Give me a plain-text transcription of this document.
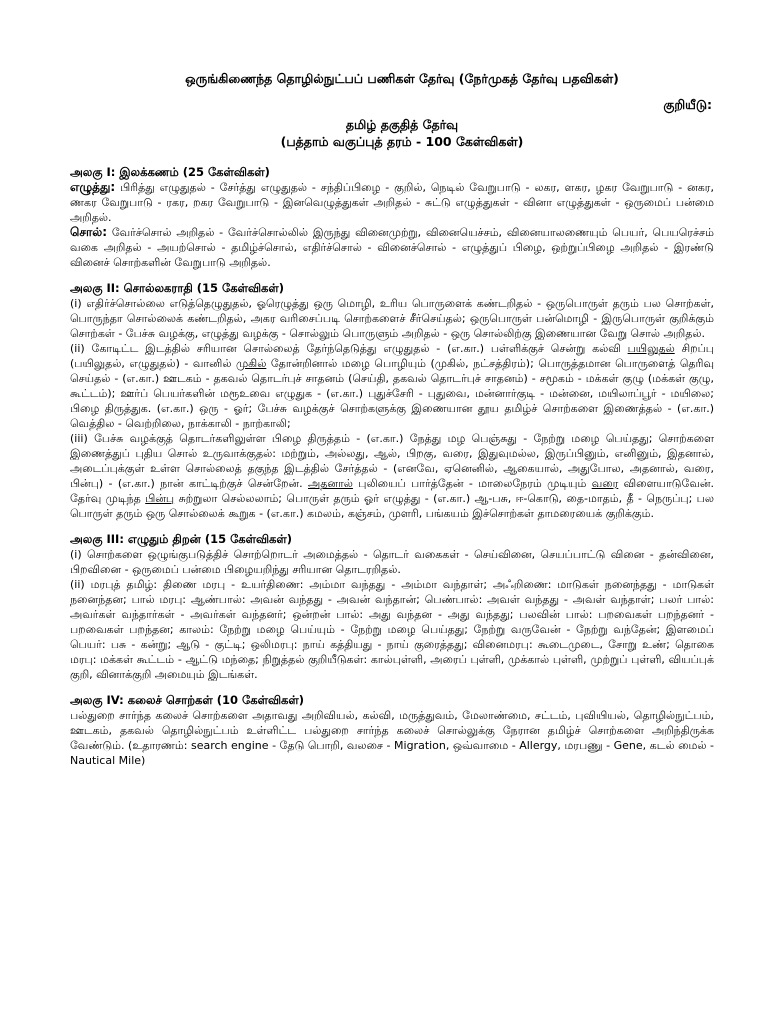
ஒருங்கிணைந்த தொழில்நுட்பப் பணிகள் தேர்வு (நேர்முகத் தேர்வு பதவிகள்)
குறியீடு:
தமிழ் தகுதித் தேர்வு
(பத்தாம் வகுப்புத் தரம் - 100 கேள்விகள்)
அலகு I: இலக்கணம் (25 கேள்விகள்)

எழுத்து: பிரித்து எழுதுதல் - சேர்த்து எழுதுதல் - சந்திப்பிழை - குறில், நெடில் வேறுபாடு - லகர, ளகர, ழகர வேறுபாடு - னகர, ணகர வேறுபாடு - ரகர, றகர வேறுபாடு - இனவெழுத்துகள் அறிதல் - சுட்டு எழுத்துகள் - வினா எழுத்துகள் - ஒருமைப் பன்மை அறிதல்.

சொல்: வேர்ச்சொல் அறிதல் - வேர்ச்சொல்லில் இருந்து வினைமுற்று, வினையெச்சம், வினையாலணையும் பெயர், பெயரெச்சம் வகை அறிதல் - அயற்சொல் - தமிழ்ச்சொல், எதிர்ச்சொல் - வினைச்சொல் - எழுத்துப் பிழை, ஒற்றுப்பிழை அறிதல் - இரண்டு வினைச் சொற்களின் வேறுபாடு அறிதல்.

அலகு II: சொல்லகராதி (15 கேள்விகள்)

(i) எதிர்ச்சொல்லை எடுத்தெழுதுதல், ஓரெழுத்து ஒரு மொழி, உரிய பொருளைக் கண்டறிதல் - ஒருபொருள் தரும் பல சொற்கள், பொருந்தா சொல்லைக் கண்டறிதல், அகர வரிசைப்படி சொற்களைச் சீர்செய்தல்; ஒருபொருள் பன்மொழி - இருபொருள் குறிக்கும் சொற்கள் - பேச்சு வழக்கு, எழுத்து வழக்கு - சொல்லும் பொருளும் அறிதல் - ஒரு சொல்லிற்கு இணையான வேறு சொல் அறிதல்.

(ii) கோடிட்ட இடத்தில் சரியான சொல்லைத் தேர்ந்தெடுத்து எழுதுதல் - (எ.கா.) பள்ளிக்குச் சென்று கல்வி பயிலுதல் சிறப்பு (பயிலுதல், எழுதுதல்) - வானில் முகில் தோன்றினால் மழை பொழியும் (முகில், நட்சத்திரம்); பொருத்தமான பொருளைத் தெரிவு செய்தல் - (எ.கா.) ஊடகம் - தகவல் தொடர்புச் சாதனம் (செய்தி, தகவல் தொடர்புச் சாதனம்) - சமூகம் - மக்கள் குழு (மக்கள் குழு, கூட்டம்); ஊர்ப் பெயர்களின் மரூஉவை எழுதுக - (எ.கா.) புதுச்சேரி - புதுவை, மன்னார்குடி - மன்னை, மயிலாப்பூர் - மயிலை; பிழை திருத்துக. (எ.கா.) ஒரு - ஓர்; பேச்சு வழக்குச் சொற்களுக்கு இணையான தூய தமிழ்ச் சொற்களை இணைத்தல் - (எ.கா.) வெத்தில - வெற்றிலை, நாக்காலி - நாற்காலி;

(iii) பேச்சு வழக்குத் தொடர்களிலுள்ள பிழை திருத்தம் - (எ.கா.) நேத்து மழ பெஞ்சுது - நேற்று மழை பெய்தது; சொற்களை இணைத்துப் புதிய சொல் உருவாக்குதல்: மற்றும், அல்லது, ஆல், பிறகு, வரை, இதுவுமல்ல, இருப்பினும், எனினும், இதனால், அடைப்புக்குள் உள்ள சொல்லைத் தகுந்த இடத்தில் சேர்த்தல் - (எனவே, ஏனெனில், ஆகையால், அதுபோல, அதனால், வரை, பின்பு) - (எ.கா.) நான் காட்டிற்குச் சென்றேன். அதனால் புலியைப் பார்த்தேன் - மாலைநேரம் முடியும் வரை விளையாடுவேன். தேர்வு முடிந்த பின்பு சுற்றுலா செல்லலாம்; பொருள் தரும் ஓர் எழுத்து - (எ.கா.) ஆ-பசு, ஈ-கொடு, தை-மாதம், தீ - நெருப்பு; பல பொருள் தரும் ஒரு சொல்லைக் கூறுக - (எ.கா.) கமலம், கஞ்சம், முளரி, பங்கயம் இச்சொற்கள் தாமரையைக் குறிக்கும்.

அலகு III: எழுதும் திறன் (15 கேள்விகள்)

(i) சொற்களை ஒழுங்குபடுத்திச் சொற்றொடர் அமைத்தல் - தொடர் வகைகள் - செய்வினை, செயப்பாட்டு வினை - தன்வினை, பிறவினை - ஒருமைப் பன்மை பிழையறிந்து சரியான தொடரறிதல்.

(ii) மரபுத் தமிழ்: திணை மரபு - உயர்திணை: அம்மா வந்தது - அம்மா வந்தாள்; அஃறிணை: மாடுகள் நனைந்தது - மாடுகள் நனைந்தன; பால் மரபு: ஆண்பால்: அவன் வந்தது - அவன் வந்தான்; பெண்பால்: அவள் வந்தது - அவள் வந்தாள்; பலர் பால்: அவர்கள் வந்தார்கள் - அவர்கள் வந்தனர்; ஒன்றன் பால்: அது வந்தன - அது வந்தது; பலவின் பால்: பறவைகள் பறந்தனர் - பறவைகள் பறந்தன; காலம்: நேற்று மழை பெய்யும் - நேற்று மழை பெய்தது; நேற்று வருவேன் - நேற்று வந்தேன்; இளமைப் பெயர்: பசு - கன்று; ஆடு - குட்டி; ஒலிமரபு: நாய் கத்தியது - நாய் குரைத்தது; வினைமரபு: கூடைமுடை, சோறு உண்; தொகை மரபு: மக்கள் கூட்டம் - ஆட்டு மந்தை; நிறுத்தல் குறியீடுகள்: கால்புள்ளி, அரைப் புள்ளி, முக்கால் புள்ளி, முற்றுப் புள்ளி, வியப்புக் குறி, வினாக்குறி அமையும் இடங்கள்.

அலகு IV: கலைச் சொற்கள் (10 கேள்விகள்)

பல்துறை சார்ந்த கலைச் சொற்களை அதாவது அறிவியல், கல்வி, மருத்துவம், மேலாண்மை, சட்டம், புவியியல், தொழில்நுட்பம், ஊடகம், தகவல் தொழில்நுட்பம் உள்ளிட்ட பல்துறை சார்ந்த கலைச் சொல்லுக்கு நேரான தமிழ்ச் சொற்களை அறிந்திருக்க வேண்டும். (உதாரணம்: search engine - தேடு பொறி, வலசை - Migration, ஒவ்வாமை - Allergy, மரபணு - Gene, கடல் மைல் - Nautical Mile)
